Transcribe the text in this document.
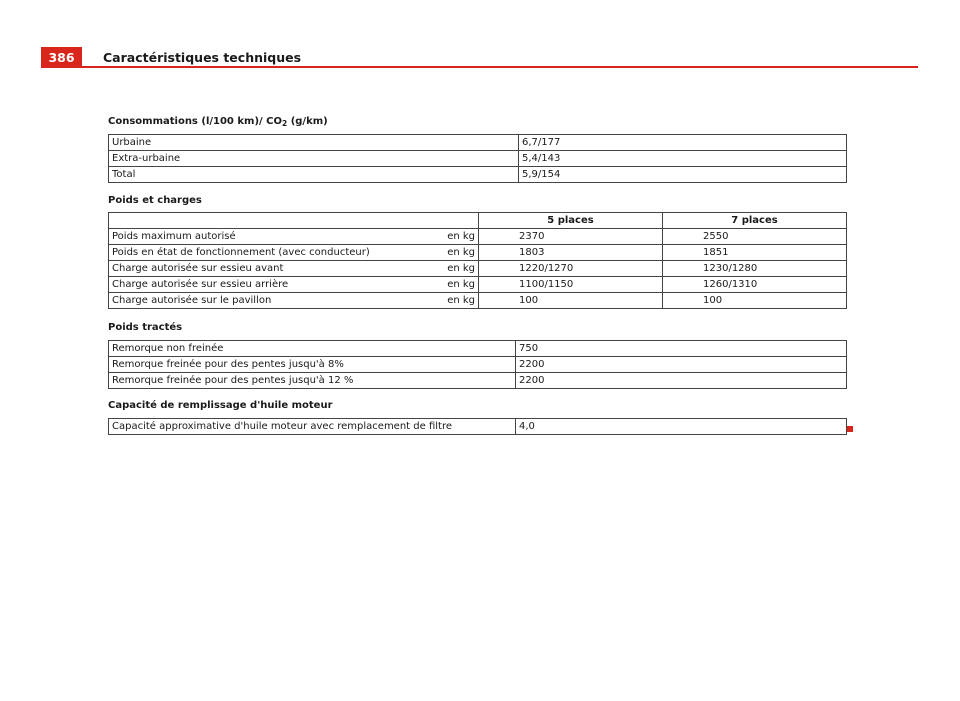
386	Caractéristiques techniques
Consommations (l/100 km)/ $CO_2$ (g/km)
Urbaine	6,7/177
Extra-urbaine	5,4/143
Total	5,9/154
Poids et charges
	5 places	7 places

Poids maximum autorisé en kg	2370	2550

Poids en état de fonctionnement (avec conducteur) en kg	1803	1851

Charge autorisée sur essieu avant en kg	1220/1270	1230/1280

Charge autorisée sur essieu arrière en kg	1100/1150	1260/1310

Charge autorisée sur le pavillon en kg	100	100
Poids tractés
Remorque non freinée	750
Remorque freinée pour des pentes jusqu'à 8%	2200
Remorque freinée pour des pentes jusqu'à 12 %	2200
Capacité de remplissage d'huile moteur
Capacité approximative d'huile moteur avec remplacement de filtre	4,0
